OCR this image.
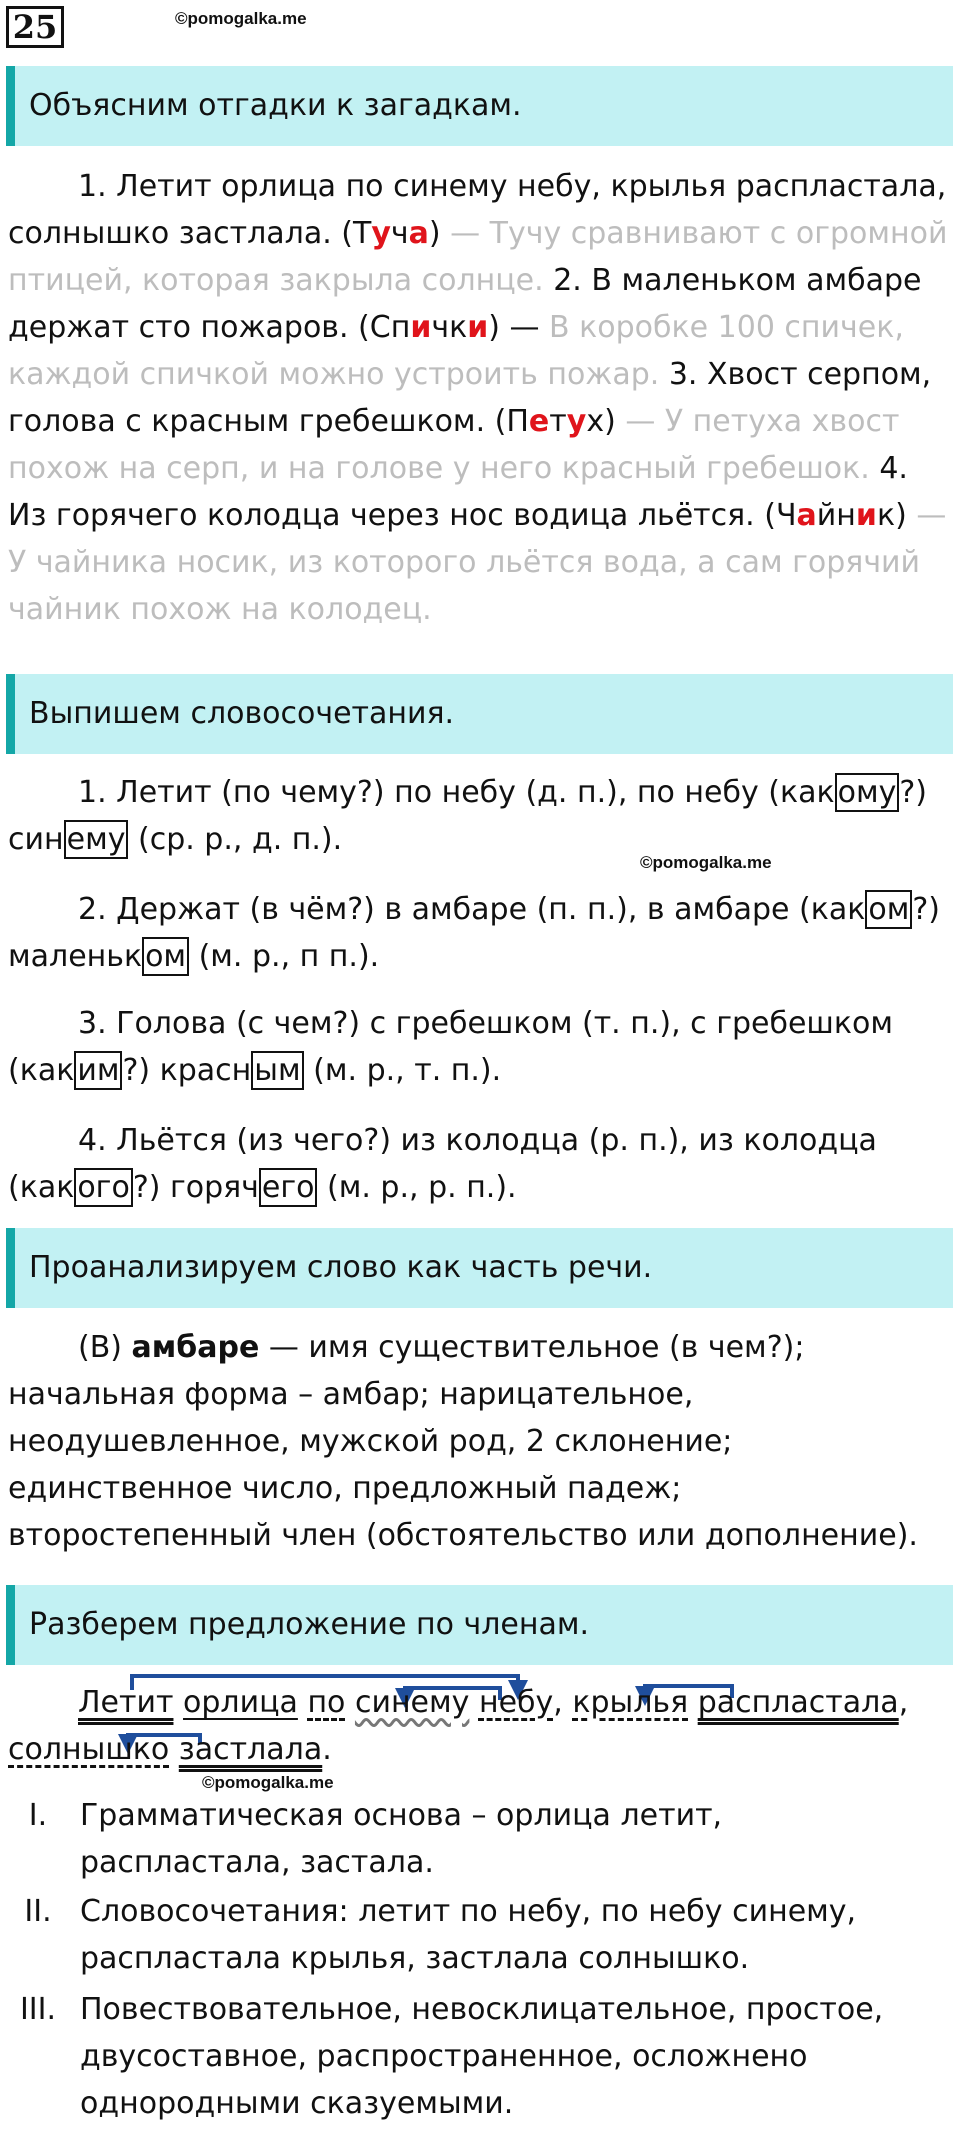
25	©pomogalka.me
Объясним отгадки к загадкам.
1. Летит орлица по синему небу, крылья распластала, солнышко застлала. (Туча) — Тучу сравнивают с огромной птицей, которая закрыла солнце. 2. В маленьком амбаре держат сто пожаров. (Спички) — В коробке 100 спичек, каждой спичкой можно устроить пожар. 3. Хвост серпом, голова с красным гребешком. (Петух) — У петуха хвост похож на серп, и на голове у него красный гребешок. 4. Из горячего колодца через нос водица льётся. (Чайник) — У чайника носик, из которого льётся вода, а сам горячий чайник похож на колодец.
Выпишем словосочетания.
1. Летит (по чему?) по небу (д. п.), по небу (как ому ?) син ему (ср. р., д. п.).
©pomogalka.me
2. Держат (в чём?) в амбаре (п. п.), в амбаре (как ом ?) маленьк ом (м. р., п п.).
3. Голова (с чем?) с гребешком (т. п.), с гребешком (как им ?) красн ым (м. р., т. п.).
4. Льётся (из чего?) из колодца (р. п.), из колодца (как ого ?) горяч его (м. р., р. п.).
Проанализируем слово как часть речи.
(В) амбаре — имя существительное (в чем?); начальная форма – амбар; нарицательное, неодушевленное, мужской род, 2 склонение; единственное число, предложный падеж; второстепенный член (обстоятельство или дополнение).
Разберем предложение по членам.
Летит орлица по синему небу, крылья распластала, солнышко застлала.
©pomogalka.me
I.	Грамматическая основа – орлица летит, распластала, застала.
II. Словосочетания: летит по небу, по небу синему, распластала крылья, застлала солнышко.
III. Повествовательное, невосклицательное, простое, двусоставное, распространенное, осложнено однородными сказуемыми.
